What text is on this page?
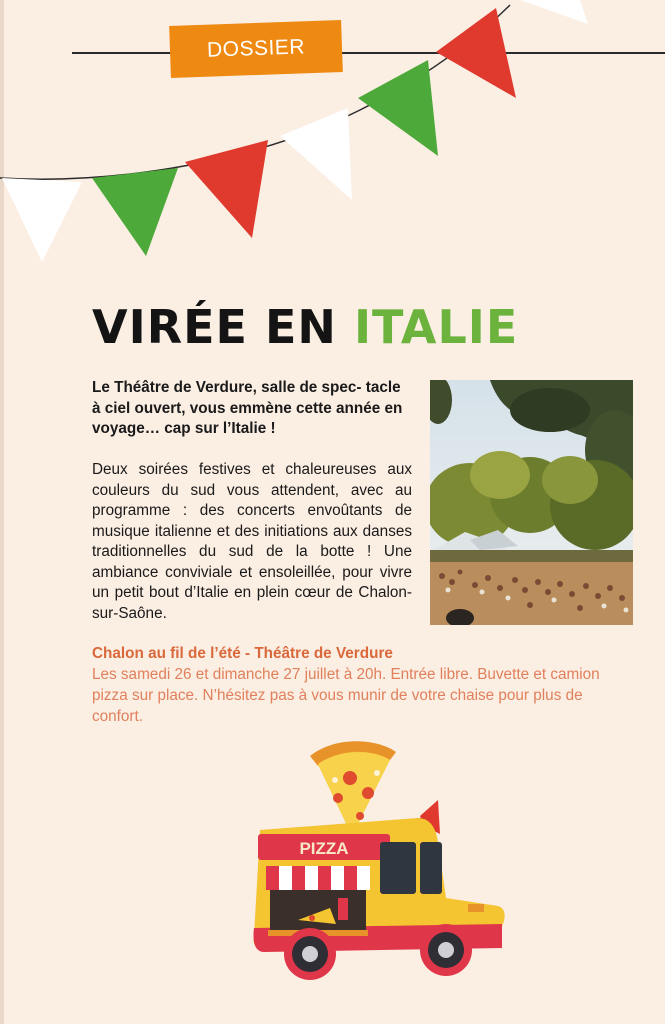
DOSSIER
VIRÉE EN ITALIE

Le Théâtre de Verdure, salle de spec- tacle à ciel ouvert, vous emmène cette année en voyage… cap sur l’Italie !

Deux soirées festives et chaleureuses aux couleurs du sud vous attendent, avec au programme : des concerts envoûtants de musique italienne et des initiations aux danses traditionnelles du sud de la botte ! Une ambiance conviviale et ensoleillée, pour vivre un petit bout d’Italie en plein cœur de Chalon-sur-Saône.

Chalon au fil de l’été - Théâtre de Verdure

Les samedi 26 et dimanche 27 juillet à 20h. Entrée libre. Buvette et camion pizza sur place. N’hésitez pas à vous munir de votre chaise pour plus de confort.

PIZZA
